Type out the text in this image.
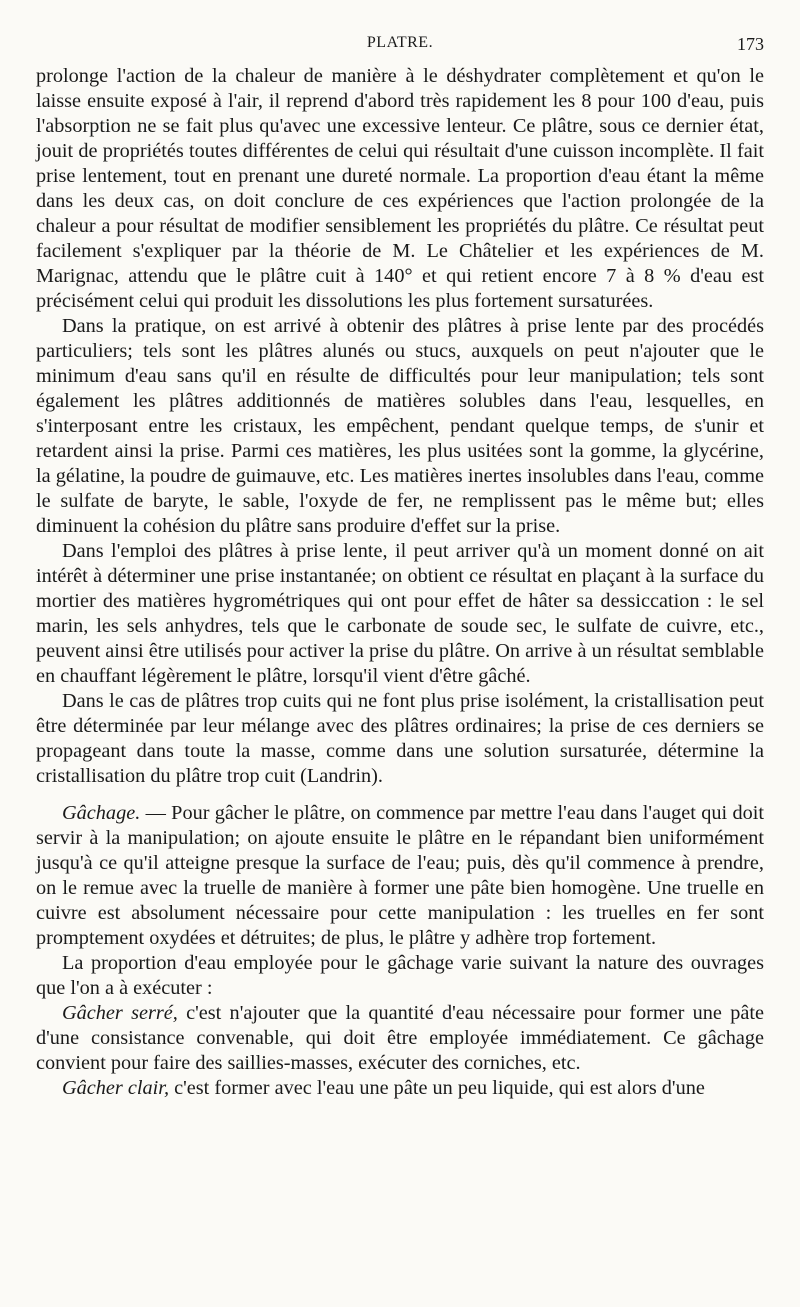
PLATRE.	173

prolonge l'action de la chaleur de manière à le déshydrater complètement et qu'on le laisse ensuite exposé à l'air, il reprend d'abord très rapidement les 8 pour 100 d'eau, puis l'absorption ne se fait plus qu'avec une excessive lenteur. Ce plâtre, sous ce dernier état, jouit de propriétés toutes différentes de celui qui résultait d'une cuisson incomplète. Il fait prise lentement, tout en prenant une dureté normale. La proportion d'eau étant la même dans les deux cas, on doit conclure de ces expériences que l'action prolongée de la chaleur a pour résultat de modifier sensiblement les propriétés du plâtre. Ce résultat peut facilement s'expliquer par la théorie de M. Le Châtelier et les expériences de M. Marignac, attendu que le plâtre cuit à 140° et qui retient encore 7 à 8 % d'eau est précisément celui qui produit les dissolutions les plus fortement sursaturées.

Dans la pratique, on est arrivé à obtenir des plâtres à prise lente par des procédés particuliers; tels sont les plâtres alunés ou stucs, auxquels on peut n'ajouter que le minimum d'eau sans qu'il en résulte de difficultés pour leur manipulation; tels sont également les plâtres additionnés de matières solubles dans l'eau, lesquelles, en s'interposant entre les cristaux, les empêchent, pendant quelque temps, de s'unir et retardent ainsi la prise. Parmi ces matières, les plus usitées sont la gomme, la glycérine, la gélatine, la poudre de guimauve, etc. Les matières inertes insolubles dans l'eau, comme le sulfate de baryte, le sable, l'oxyde de fer, ne remplissent pas le même but; elles diminuent la cohésion du plâtre sans produire d'effet sur la prise.

Dans l'emploi des plâtres à prise lente, il peut arriver qu'à un moment donné on ait intérêt à déterminer une prise instantanée; on obtient ce résultat en plaçant à la surface du mortier des matières hygrométriques qui ont pour effet de hâter sa dessiccation : le sel marin, les sels anhydres, tels que le carbonate de soude sec, le sulfate de cuivre, etc., peuvent ainsi être utilisés pour activer la prise du plâtre. On arrive à un résultat semblable en chauffant légèrement le plâtre, lorsqu'il vient d'être gâché.

Dans le cas de plâtres trop cuits qui ne font plus prise isolément, la cristallisation peut être déterminée par leur mélange avec des plâtres ordinaires; la prise de ces derniers se propageant dans toute la masse, comme dans une solution sursaturée, détermine la cristallisation du plâtre trop cuit (Landrin).

Gâchage. — Pour gâcher le plâtre, on commence par mettre l'eau dans l'auget qui doit servir à la manipulation; on ajoute ensuite le plâtre en le répandant bien uniformément jusqu'à ce qu'il atteigne presque la surface de l'eau; puis, dès qu'il commence à prendre, on le remue avec la truelle de manière à former une pâte bien homogène. Une truelle en cuivre est absolument nécessaire pour cette manipulation : les truelles en fer sont promptement oxydées et détruites; de plus, le plâtre y adhère trop fortement.

La proportion d'eau employée pour le gâchage varie suivant la nature des ouvrages que l'on a à exécuter :

Gâcher serré, c'est n'ajouter que la quantité d'eau nécessaire pour former une pâte d'une consistance convenable, qui doit être employée immédiatement. Ce gâchage convient pour faire des saillies-masses, exécuter des corniches, etc.

Gâcher clair, c'est former avec l'eau une pâte un peu liquide, qui est alors d'une
